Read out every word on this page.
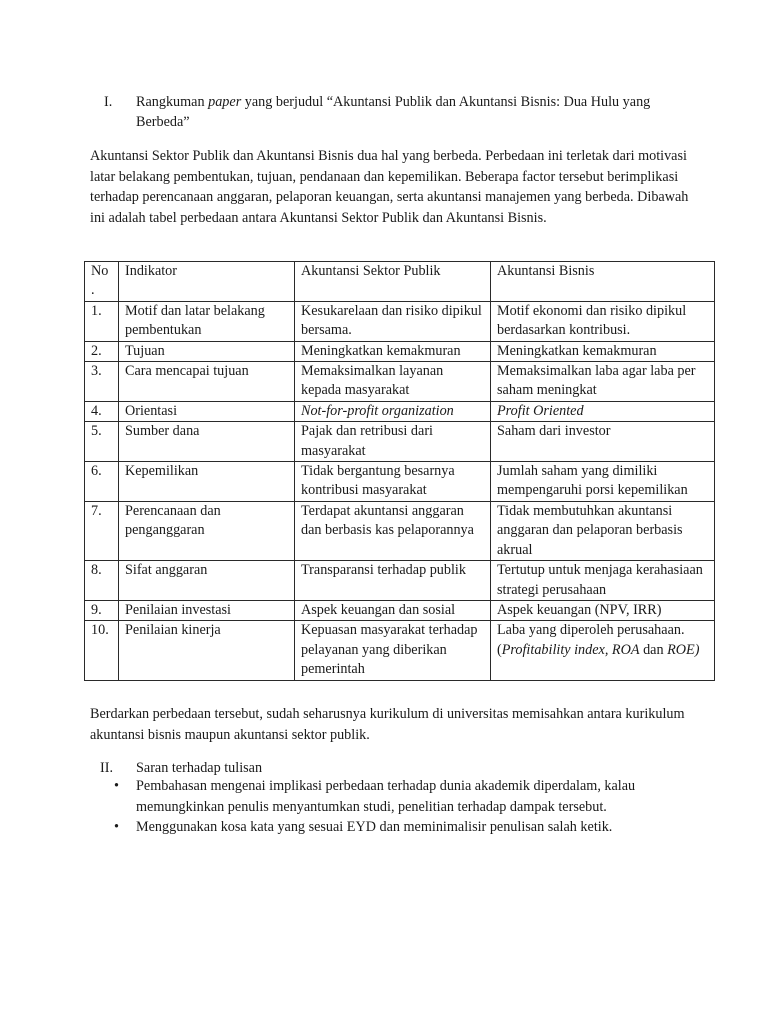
I. Rangkuman paper yang berjudul “Akuntansi Publik dan Akuntansi Bisnis: Dua Hulu yang Berbeda”
Akuntansi Sektor Publik dan Akuntansi Bisnis dua hal yang berbeda. Perbedaan ini terletak dari motivasi latar belakang pembentukan, tujuan, pendanaan dan kepemilikan. Beberapa factor tersebut berimplikasi terhadap perencanaan anggaran, pelaporan keuangan, serta akuntansi manajemen yang berbeda. Dibawah ini adalah tabel perbedaan antara Akuntansi Sektor Publik dan Akuntansi Bisnis.
No .	Indikator	Akuntansi Sektor Publik	Akuntansi Bisnis
1.	Motif dan latar belakang pembentukan	Kesukarelaan dan risiko dipikul bersama.	Motif ekonomi dan risiko dipikul berdasarkan kontribusi.
2.	Tujuan	Meningkatkan kemakmuran	Meningkatkan kemakmuran
3.	Cara mencapai tujuan	Memaksimalkan layanan kepada masyarakat	Memaksimalkan laba agar laba per saham meningkat
4.	Orientasi	Not-for-profit organization	Profit Oriented
5.	Sumber dana	Pajak dan retribusi dari masyarakat	Saham dari investor
6.	Kepemilikan	Tidak bergantung besarnya kontribusi masyarakat	Jumlah saham yang dimiliki mempengaruhi porsi kepemilikan
7.	Perencanaan dan penganggaran	Terdapat akuntansi anggaran dan berbasis kas pelaporannya	Tidak membutuhkan akuntansi anggaran dan pelaporan berbasis akrual
8.	Sifat anggaran	Transparansi terhadap publik	Tertutup untuk menjaga kerahasiaan strategi perusahaan
9.	Penilaian investasi	Aspek keuangan dan sosial	Aspek keuangan (NPV, IRR)
10.	Penilaian kinerja	Kepuasan masyarakat terhadap pelayanan yang diberikan pemerintah	Laba yang diperoleh perusahaan.
(Profitability index, ROA dan ROE)
Berdarkan perbedaan tersebut, sudah seharusnya kurikulum di universitas memisahkan antara kurikulum akuntansi bisnis maupun akuntansi sektor publik.
II. Saran terhadap tulisan
• Pembahasan mengenai implikasi perbedaan terhadap dunia akademik diperdalam, kalau memungkinkan penulis menyantumkan studi, penelitian terhadap dampak tersebut.
• Menggunakan kosa kata yang sesuai EYD dan meminimalisir penulisan salah ketik.
